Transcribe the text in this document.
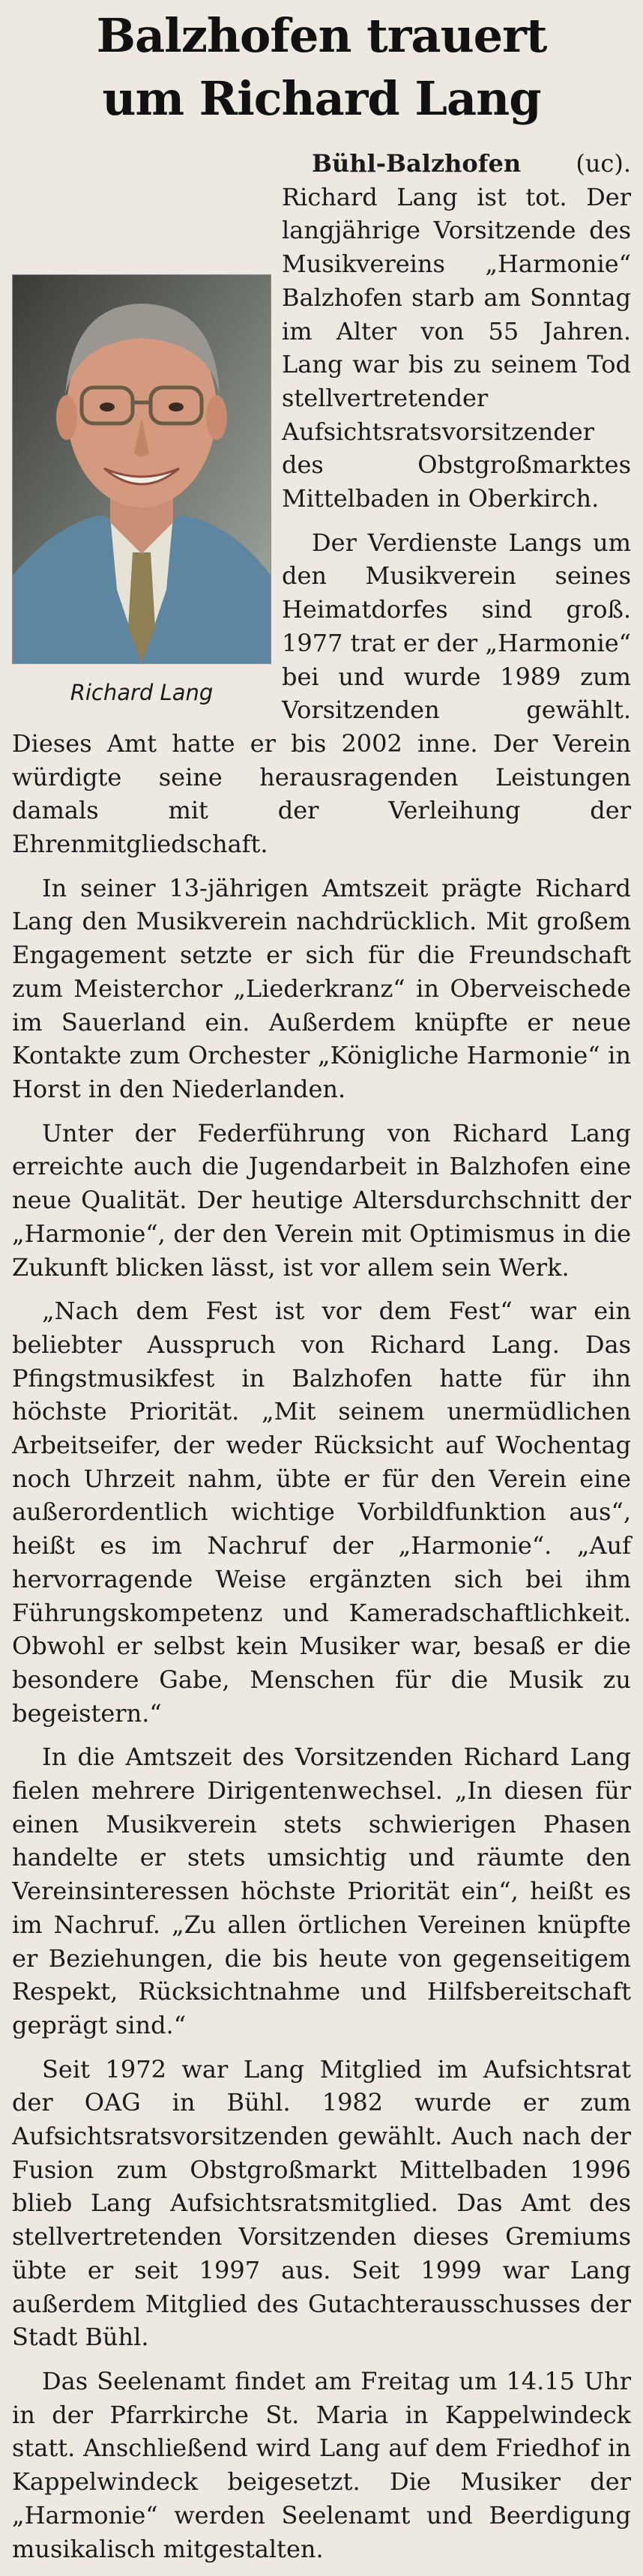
Balzhofen trauert
um Richard Lang
Richard Lang

Bühl-Balzhofen (uc). Richard Lang ist tot. Der langjährige Vorsitzende des Musikvereins „Harmonie“ Balzhofen starb am Sonntag im Alter von 55 Jahren. Lang war bis zu seinem Tod stellvertretender Aufsichtsratsvorsitzender des Obstgroßmarktes Mittelbaden in Oberkirch.

Der Verdienste Langs um den Musikverein seines Heimatdorfes sind groß. 1977 trat er der „Harmonie“ bei und wurde 1989 zum Vorsitzenden gewählt. Dieses Amt hatte er bis 2002 inne. Der Verein würdigte seine herausragenden Leistungen damals mit der Verleihung der Ehrenmitgliedschaft.

In seiner 13-jährigen Amtszeit prägte Richard Lang den Musikverein nachdrücklich. Mit großem Engagement setzte er sich für die Freundschaft zum Meisterchor „Liederkranz“ in Oberveischede im Sauerland ein. Außerdem knüpfte er neue Kontakte zum Orchester „Königliche Harmonie“ in Horst in den Niederlanden.

Unter der Federführung von Richard Lang erreichte auch die Jugendarbeit in Balzhofen eine neue Qualität. Der heutige Altersdurchschnitt der „Harmonie“, der den Verein mit Optimismus in die Zukunft blicken lässt, ist vor allem sein Werk.

„Nach dem Fest ist vor dem Fest“ war ein beliebter Ausspruch von Richard Lang. Das Pfingstmusikfest in Balzhofen hatte für ihn höchste Priorität. „Mit seinem unermüdlichen Arbeitseifer, der weder Rücksicht auf Wochentag noch Uhrzeit nahm, übte er für den Verein eine außerordentlich wichtige Vorbildfunktion aus“, heißt es im Nachruf der „Harmonie“. „Auf hervorragende Weise ergänzten sich bei ihm Führungskompetenz und Kameradschaftlichkeit. Obwohl er selbst kein Musiker war, besaß er die besondere Gabe, Menschen für die Musik zu begeistern.“

In die Amtszeit des Vorsitzenden Richard Lang fielen mehrere Dirigentenwechsel. „In diesen für einen Musikverein stets schwierigen Phasen handelte er stets umsichtig und räumte den Vereinsinteressen höchste Priorität ein“, heißt es im Nachruf. „Zu allen örtlichen Vereinen knüpfte er Beziehungen, die bis heute von gegenseitigem Respekt, Rücksichtnahme und Hilfsbereitschaft geprägt sind.“

Seit 1972 war Lang Mitglied im Aufsichtsrat der OAG in Bühl. 1982 wurde er zum Aufsichtsratsvorsitzenden gewählt. Auch nach der Fusion zum Obstgroßmarkt Mittelbaden 1996 blieb Lang Aufsichtsratsmitglied. Das Amt des stellvertretenden Vorsitzenden dieses Gremiums übte er seit 1997 aus. Seit 1999 war Lang außerdem Mitglied des Gutachterausschusses der Stadt Bühl.

Das Seelenamt findet am Freitag um 14.15 Uhr in der Pfarrkirche St. Maria in Kappelwindeck statt. Anschließend wird Lang auf dem Friedhof in Kappelwindeck beigesetzt. Die Musiker der „Harmonie“ werden Seelenamt und Beerdigung musikalisch mitgestalten.
